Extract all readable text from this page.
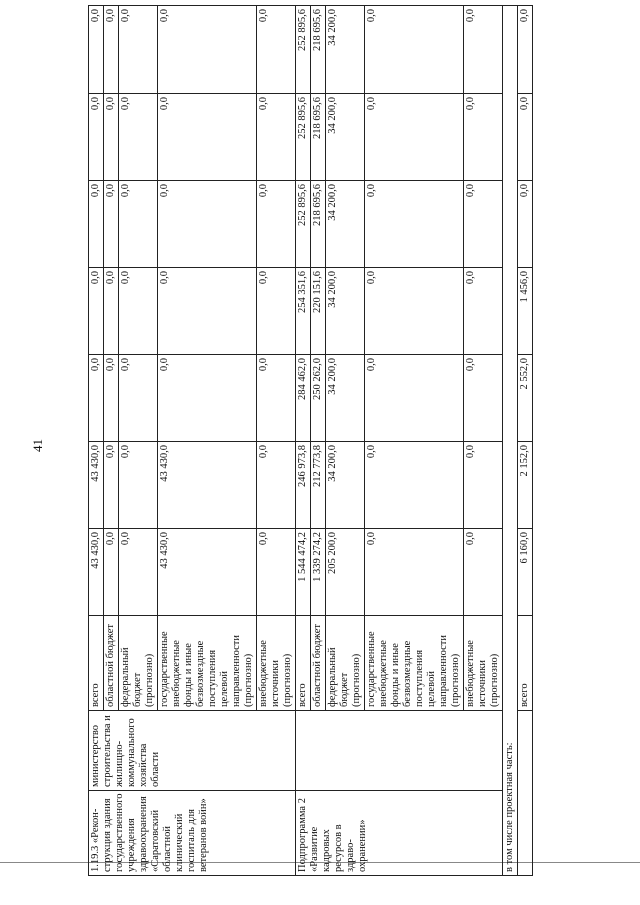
41
1.19.3 «Рекон-струкция здания государственного учреждения здравоохранения «Саратовский областной клинический госпиталь для ветеранов войн»	министерство строительства и жилищно-коммунального хозяйства области	всего	43 430,0	43 430,0	0,0	0,0	0,0	0,0	0,0
		областной бюджет	0,0	0,0	0,0	0,0	0,0	0,0	0,0
		федеральный бюджет (прогнозно)	0,0	0,0	0,0	0,0	0,0	0,0	0,0
		государственные внебюджетные фонды и иные безвозмездные поступления целевой направленности (прогнозно)	43 430,0	43 430,0	0,0	0,0	0,0	0,0	0,0
		внебюджетные источники (прогнозно)	0,0	0,0	0,0	0,0	0,0	0,0	0,0
Подпрограмма 2 «Развитие кадровых ресурсов в здраво-охранении»		всего	1 544 474,2	246 973,8	284 462,0	254 351,6	252 895,6	252 895,6	252 895,6
		областной бюджет	1 339 274,2	212 773,8	250 262,0	220 151,6	218 695,6	218 695,6	218 695,6
		федеральный бюджет (прогнозно)	205 200,0	34 200,0	34 200,0	34 200,0	34 200,0	34 200,0	34 200,0
		государственные внебюджетные фонды и иные безвозмездные поступления целевой направленности (прогнозно)	0,0	0,0	0,0	0,0	0,0	0,0	0,0
		внебюджетные источники (прогнозно)	0,0	0,0	0,0	0,0	0,0	0,0	0,0
в том числе проектная часть:									
		всего	6 160,0	2 152,0	2 552,0	1 456,0	0,0	0,0	0,0
